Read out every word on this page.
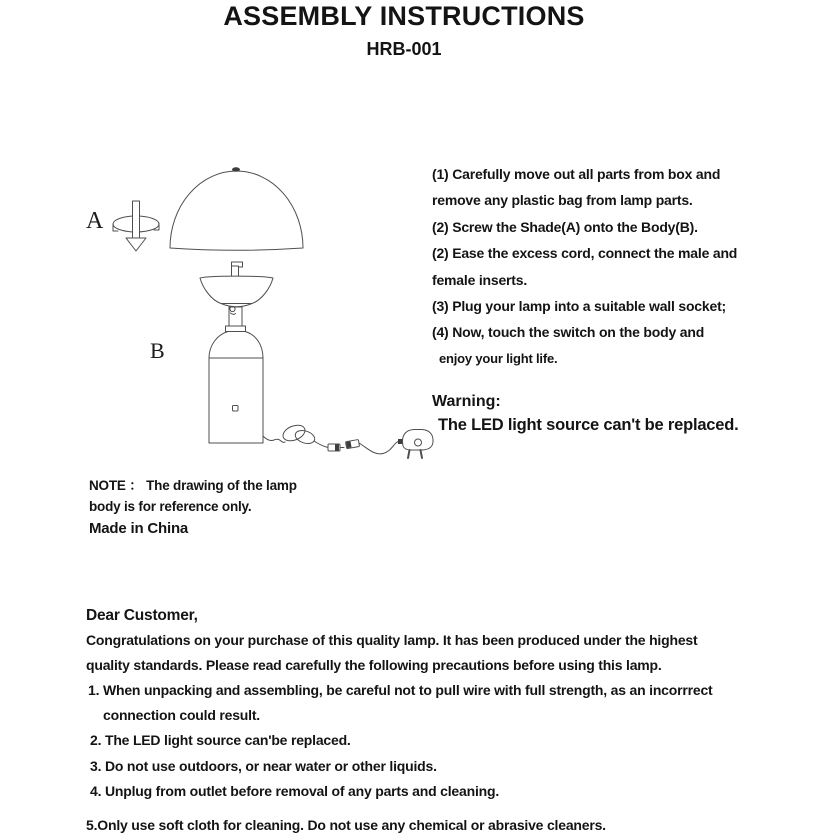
ASSEMBLY INSTRUCTIONS
HRB-001
A
B
(1) Carefully move out all parts from box and
remove any plastic bag from lamp parts.
(2) Screw the Shade(A) onto the Body(B).
(2) Ease the excess cord, connect the male and
female inserts.
(3) Plug your lamp into a suitable wall socket;
(4) Now, touch the switch on the body and
enjoy your light life.
Warning:
The LED light source can't be replaced.
NOTE ： The drawing of the lamp
body is for reference only.
Made in China
Dear Customer,
Congratulations on your purchase of this quality lamp. It has been produced under the highest
quality standards. Please read carefully the following precautions before using this lamp.
1. When unpacking and assembling, be careful not to pull wire with full strength, as an incorrrect
connection could result.
2. The LED light source can'be replaced.
3. Do not use outdoors, or near water or other liquids.
4. Unplug from outlet before removal of any parts and cleaning.
5.Only use soft cloth for cleaning. Do not use any chemical or abrasive cleaners.
